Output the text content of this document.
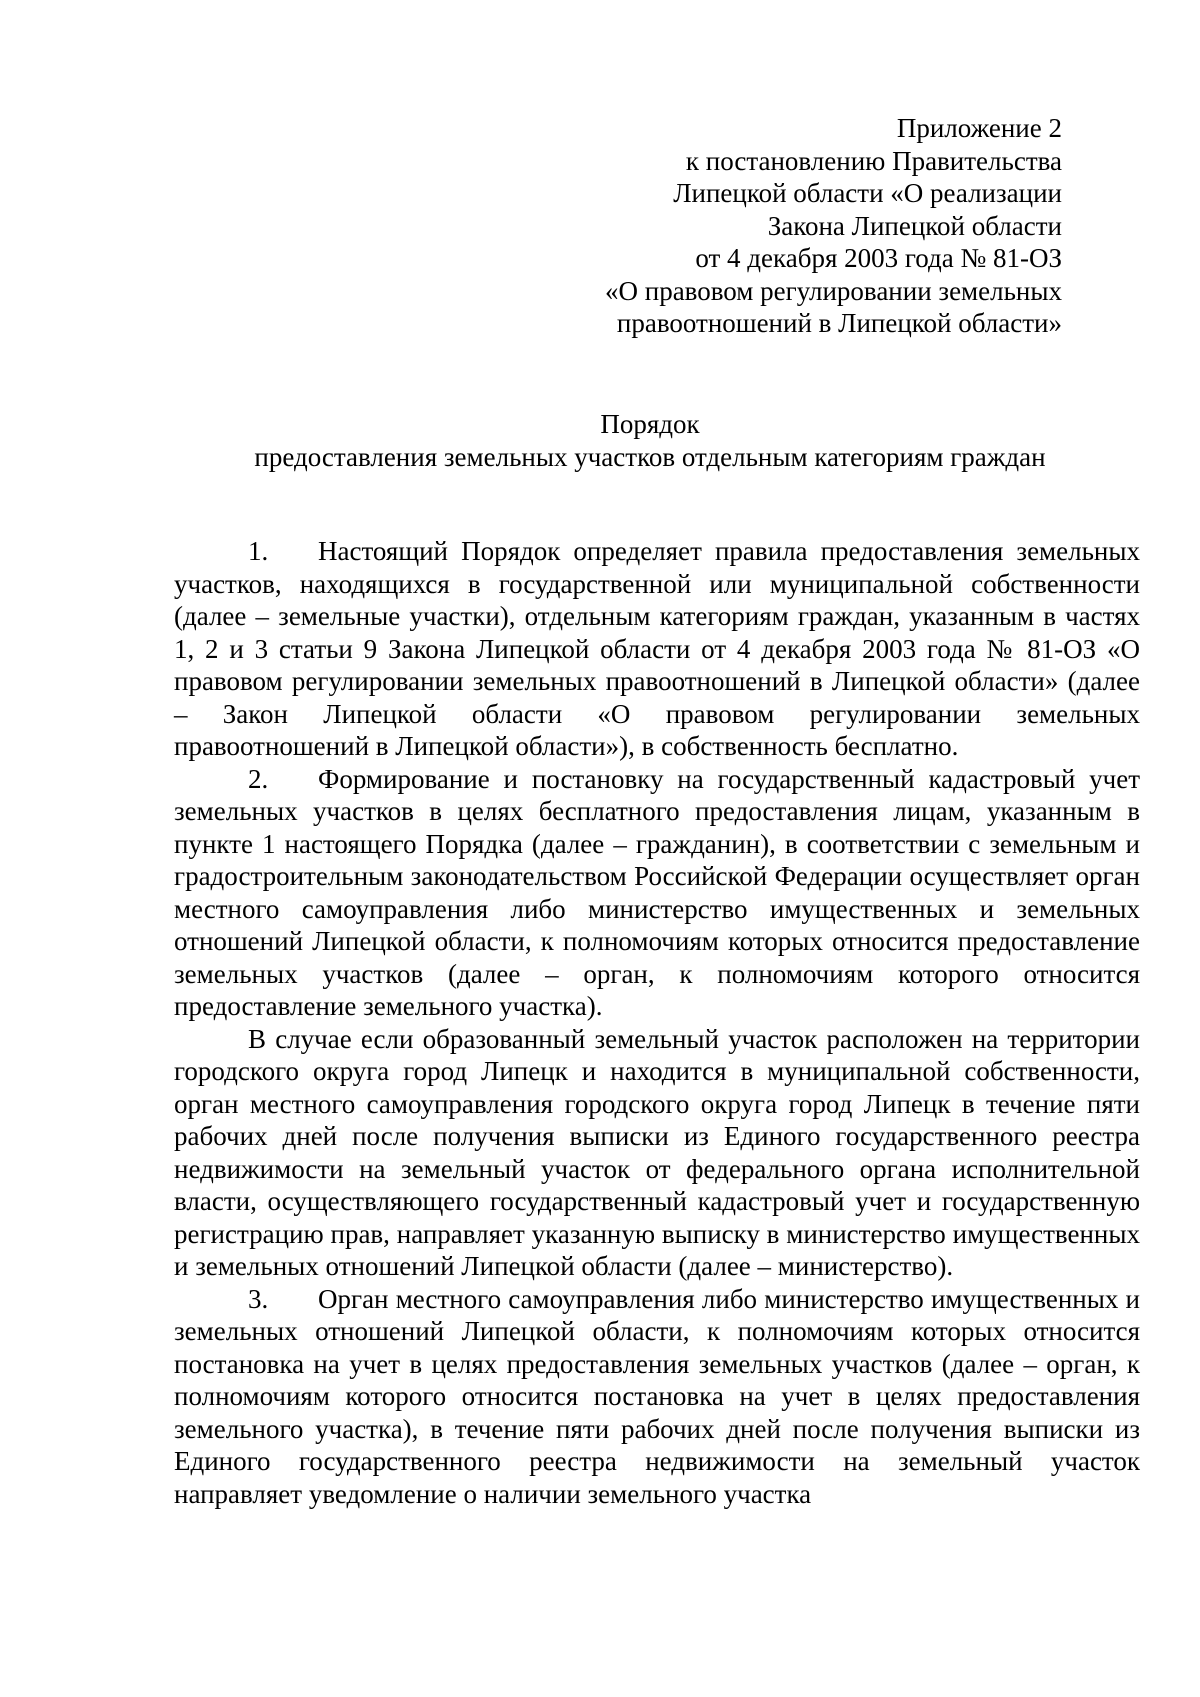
Приложение 2
к постановлению Правительства
Липецкой области «О реализации
Закона Липецкой области
от 4 декабря 2003 года № 81-ОЗ
«О правовом регулировании земельных
правоотношений в Липецкой области»
Порядок
предоставления земельных участков отдельным категориям граждан

1. Настоящий Порядок определяет правила предоставления земельных участков, находящихся в государственной или муниципальной собственности (далее – земельные участки), отдельным категориям граждан, указанным в частях 1, 2 и 3 статьи 9 Закона Липецкой области от 4 декабря 2003 года № 81-ОЗ «О правовом регулировании земельных правоотношений в Липецкой области» (далее – Закон Липецкой области «О правовом регулировании земельных правоотношений в Липецкой области»), в собственность бесплатно.

2. Формирование и постановку на государственный кадастровый учет земельных участков в целях бесплатного предоставления лицам, указанным в пункте 1 настоящего Порядка (далее – гражданин), в соответствии с земельным и градостроительным законодательством Российской Федерации осуществляет орган местного самоуправления либо министерство имущественных и земельных отношений Липецкой области, к полномочиям которых относится предоставление земельных участков (далее – орган, к полномочиям которого относится предоставление земельного участка).

В случае если образованный земельный участок расположен на территории городского округа город Липецк и находится в муниципальной собственности, орган местного самоуправления городского округа город Липецк в течение пяти рабочих дней после получения выписки из Единого государственного реестра недвижимости на земельный участок от федерального органа исполнительной власти, осуществляющего государственный кадастровый учет и государственную регистрацию прав, направляет указанную выписку в министерство имущественных и земельных отношений Липецкой области (далее – министерство).

3. Орган местного самоуправления либо министерство имущественных и земельных отношений Липецкой области, к полномочиям которых относится постановка на учет в целях предоставления земельных участков (далее – орган, к полномочиям которого относится постановка на учет в целях предоставления земельного участка), в течение пяти рабочих дней после получения выписки из Единого государственного реестра недвижимости на земельный участок направляет уведомление о наличии земельного участка
